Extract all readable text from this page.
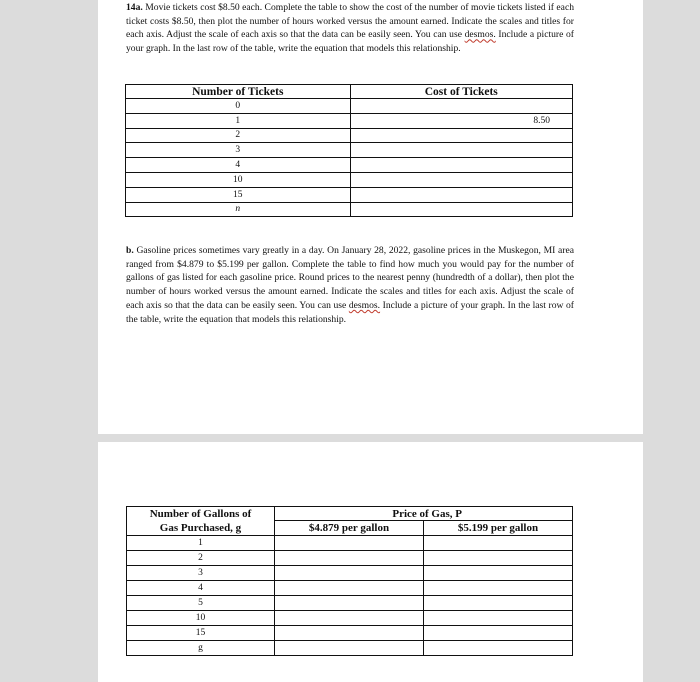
14a. Movie tickets cost $8.50 each. Complete the table to show the cost of the number of movie tickets listed if each ticket costs $8.50, then plot the number of hours worked versus the amount earned. Indicate the scales and titles for each axis. Adjust the scale of each axis so that the data can be easily seen. You can use desmos. Include a picture of your graph. In the last row of the table, write the equation that models this relationship.

Number of Tickets	Cost of Tickets
0	
1	8.50
2	
3	
4	
10	
15	
n	

b. Gasoline prices sometimes vary greatly in a day. On January 28, 2022, gasoline prices in the Muskegon, MI area ranged from $4.879 to $5.199 per gallon. Complete the table to find how much you would pay for the number of gallons of gas listed for each gasoline price. Round prices to the nearest penny (hundredth of a dollar), then plot the number of hours worked versus the amount earned. Indicate the scales and titles for each axis. Adjust the scale of each axis so that the data can be easily seen. You can use desmos. Include a picture of your graph. In the last row of the table, write the equation that models this relationship.

Number of Gallons of
Gas Purchased, g	Price of Gas, P	
	$4.879 per gallon	$5.199 per gallon
1		
2		
3		
4		
5		
10		
15		
g		
